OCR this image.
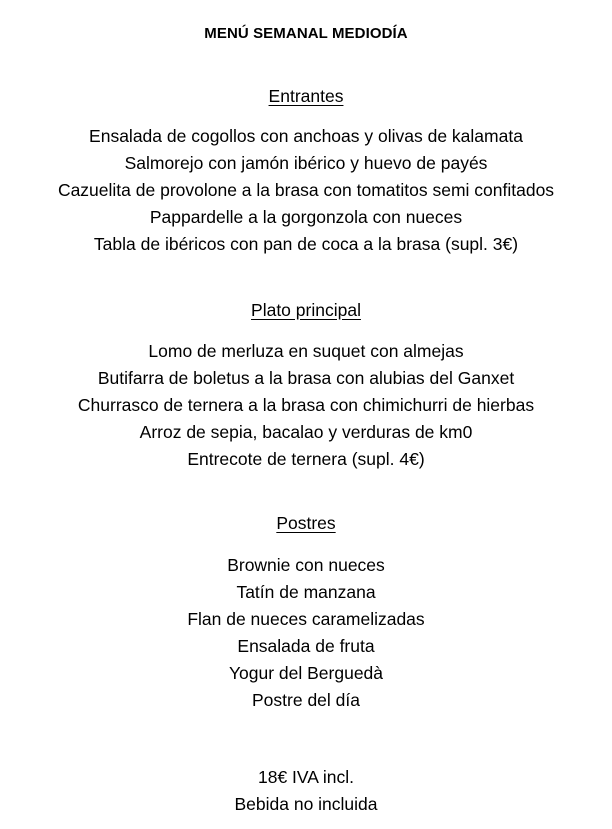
MENÚ SEMANAL MEDIODÍA
Entrantes
Ensalada de cogollos con anchoas y olivas de kalamata
Salmorejo con jamón ibérico y huevo de payés
Cazuelita de provolone a la brasa con tomatitos semi confitados
Pappardelle a la gorgonzola con nueces
Tabla de ibéricos con pan de coca a la brasa (supl. 3€)
Plato principal
Lomo de merluza en suquet con almejas
Butifarra de boletus a la brasa con alubias del Ganxet
Churrasco de ternera a la brasa con chimichurri de hierbas
Arroz de sepia, bacalao y verduras de km0
Entrecote de ternera (supl. 4€)
Postres
Brownie con nueces
Tatín de manzana
Flan de nueces caramelizadas
Ensalada de fruta
Yogur del Berguedà
Postre del día
18€ IVA incl.
Bebida no incluida
